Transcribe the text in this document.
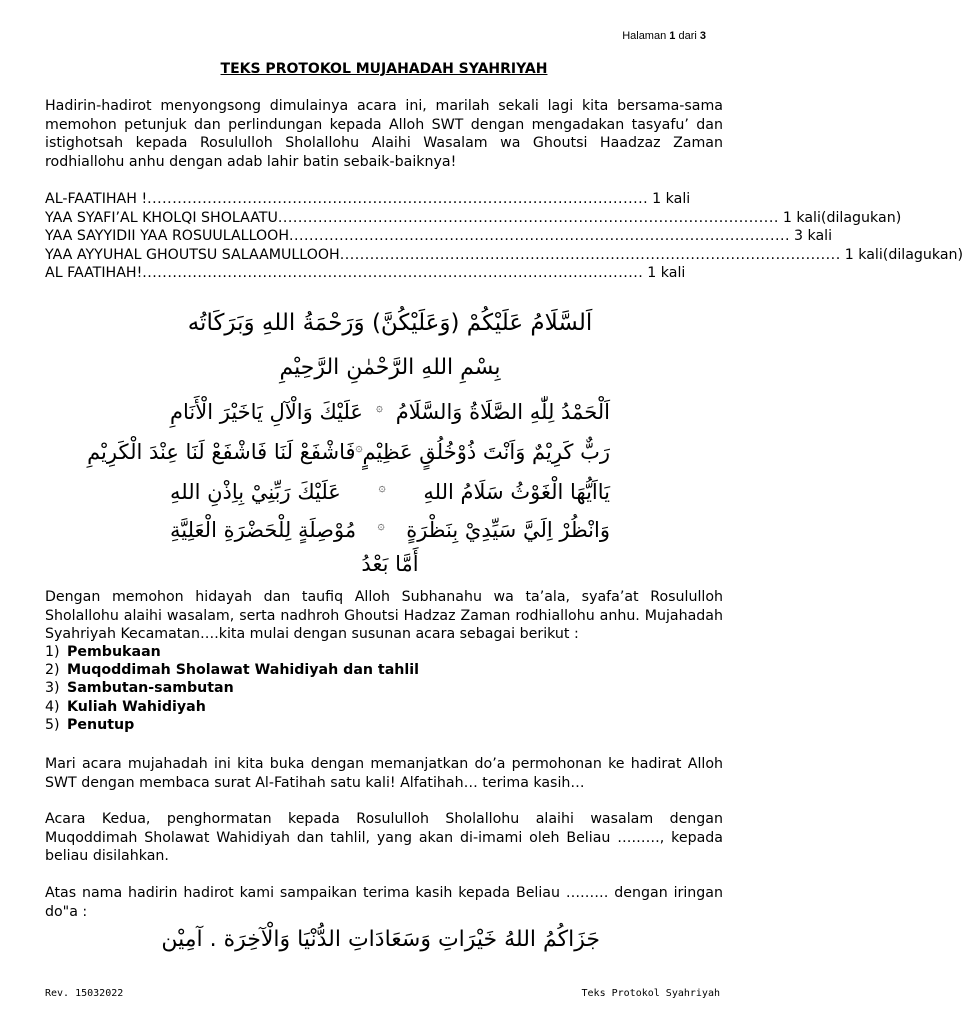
Halaman 1 dari 3
TEKS PROTOKOL MUJAHADAH SYAHRIYAH
Hadirin-hadirot menyongsong dimulainya acara ini, marilah sekali lagi kita bersama-sama memohon petunjuk dan perlindungan kepada Alloh SWT dengan mengadakan tasyafu’ dan istighotsah kepada Rosululloh Sholallohu Alaihi Wasalam wa Ghoutsi Haadzaz Zaman rodhiallohu anhu dengan adab lahir batin sebaik-baiknya!
AL-FAATIHAH ! .................................................................................................... 1 kali
YAA SYAFI’AL KHOLQI SHOLAATU .................................................................................................... 1 kali(dilagukan)
YAA SAYYIDII YAA ROSUULALLOOH .................................................................................................... 3 kali
YAA AYYUHAL GHOUTSU SALAAMULLOOH .................................................................................................... 1 kali(dilagukan)
AL FAATIHAH! .................................................................................................... 1 kali
اَلسَّلَامُ عَلَيْكُمْ (وَعَلَيْكُنَّ) وَرَحْمَةُ اللهِ وَبَرَكَاتُه
بِسْمِ اللهِ الرَّحْمٰنِ الرَّحِيْمِ
اَلْحَمْدُ لِلّٰهِ الصَّلَاةُ وَالسَّلَامُ
۞
عَلَيْكَ وَالْآلِ يَاخَيْرَ الْأَنَامِ
رَبٌّ كَرِيْمٌ وَاَنْتَ ذُوْخُلُقٍ عَظِيْمٍ
۞
فَاشْفَعْ لَنَا فَاشْفَعْ لَنَا عِنْدَ الْكَرِيْمِ
يَااَيُّهَا الْغَوْثُ سَلَامُ اللهِ
۞
عَلَيْكَ رَبِّنِيْ بِاِذْنِ اللهِ
وَانْظُرْ اِلَيَّ سَيِّدِيْ بِنَظْرَةٍ
۞
مُوْصِلَةٍ لِلْحَضْرَةِ الْعَلِيَّةِ
أَمَّا بَعْدُ
Dengan memohon hidayah dan taufiq Alloh Subhanahu wa ta’ala, syafa’at Rosululloh Sholallohu alaihi wasalam, serta nadhroh Ghoutsi Hadzaz Zaman rodhiallohu anhu. Mujahadah Syahriyah Kecamatan….kita mulai dengan susunan acara sebagai berikut :
1) Pembukaan
2) Muqoddimah Sholawat Wahidiyah dan tahlil
3) Sambutan-sambutan
4) Kuliah Wahidiyah
5) Penutup
Mari acara mujahadah ini kita buka dengan memanjatkan do’a permohonan ke hadirat Alloh SWT dengan membaca surat Al-Fatihah satu kali! Alfatihah… terima kasih…
Acara Kedua, penghormatan kepada Rosululloh Sholallohu alaihi wasalam dengan Muqoddimah Sholawat Wahidiyah dan tahlil, yang akan di-imami oleh Beliau ………, kepada beliau disilahkan.
Atas nama hadirin hadirot kami sampaikan terima kasih kepada Beliau ……… dengan iringan do"a :
جَزَاكُمُ اللهُ خَيْرَاتِ وَسَعَادَاتِ الدُّنْيَا وَالْآخِرَة . آمِيْن
Rev. 15032022	Teks Protokol Syahriyah
